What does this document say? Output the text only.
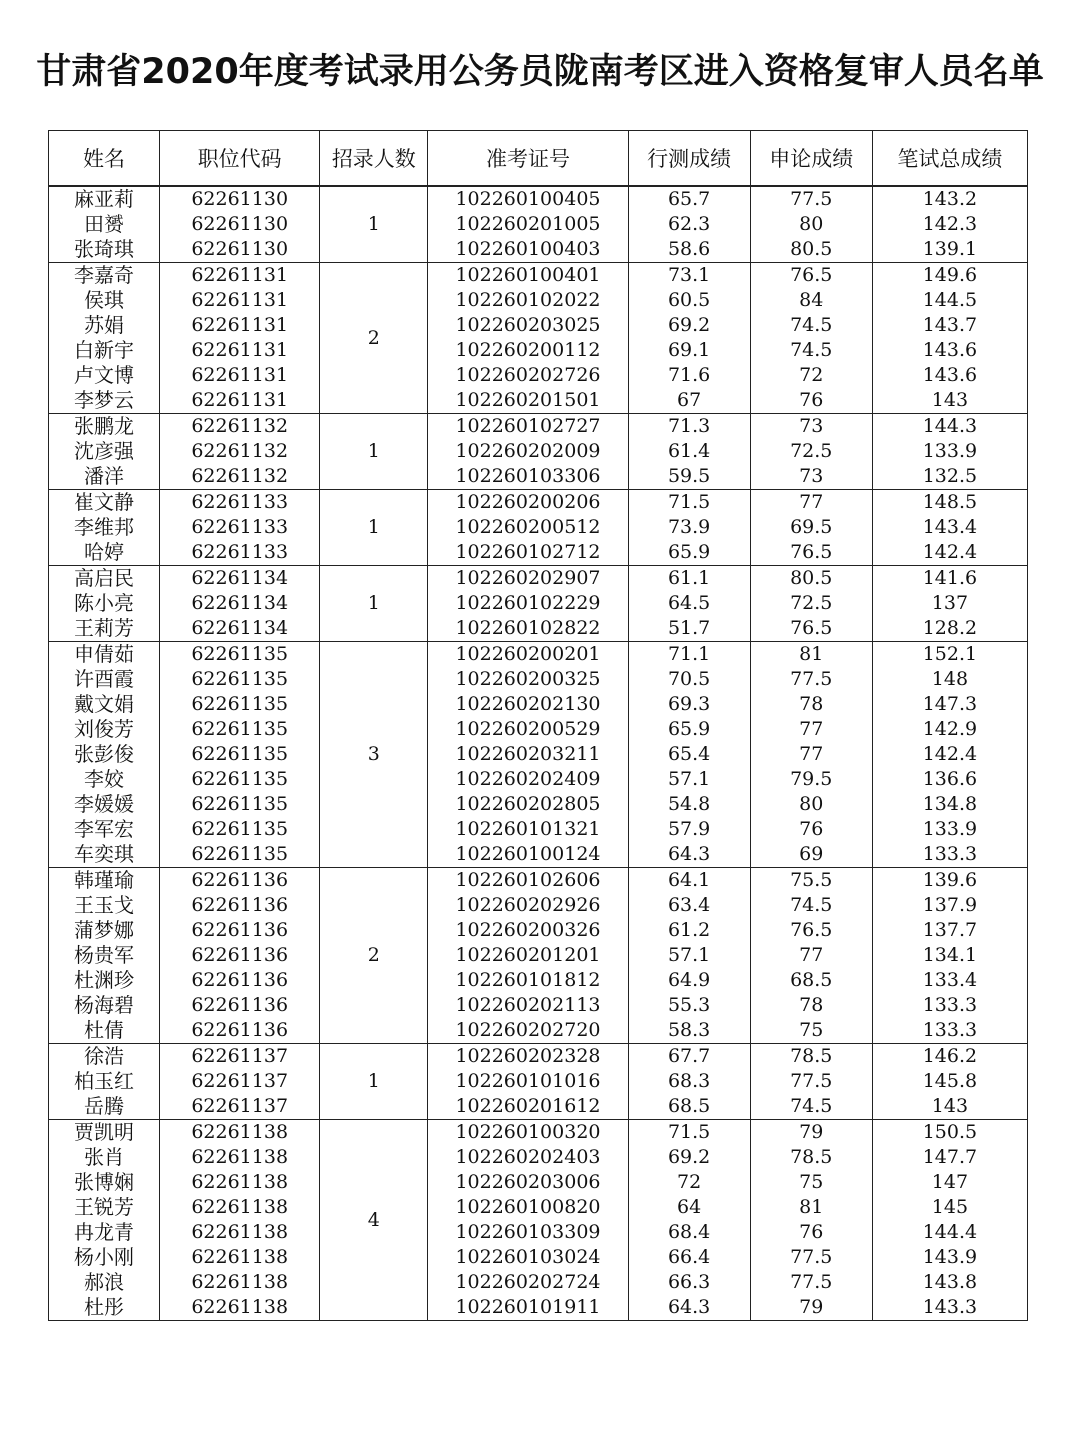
甘肃省2020年度考试录用公务员陇南考区进入资格复审人员名单
姓名	职位代码	招录人数	准考证号	行测成绩	申论成绩	笔试总成绩
麻亚莉	62261130	1	102260100405	65.7	77.5	143.2
田赟	62261130		102260201005	62.3	80	142.3
张琦琪	62261130		102260100403	58.6	80.5	139.1
李嘉奇	62261131	2	102260100401	73.1	76.5	149.6
侯琪	62261131		102260102022	60.5	84	144.5
苏娟	62261131		102260203025	69.2	74.5	143.7
白新宇	62261131		102260200112	69.1	74.5	143.6
卢文博	62261131		102260202726	71.6	72	143.6
李梦云	62261131		102260201501	67	76	143
张鹏龙	62261132	1	102260102727	71.3	73	144.3
沈彦强	62261132		102260202009	61.4	72.5	133.9
潘洋	62261132		102260103306	59.5	73	132.5
崔文静	62261133	1	102260200206	71.5	77	148.5
李维邦	62261133		102260200512	73.9	69.5	143.4
哈婷	62261133		102260102712	65.9	76.5	142.4
高启民	62261134	1	102260202907	61.1	80.5	141.6
陈小亮	62261134		102260102229	64.5	72.5	137
王莉芳	62261134		102260102822	51.7	76.5	128.2
申倩茹	62261135	3	102260200201	71.1	81	152.1
许酉霞	62261135		102260200325	70.5	77.5	148
戴文娟	62261135		102260202130	69.3	78	147.3
刘俊芳	62261135		102260200529	65.9	77	142.9
张彭俊	62261135		102260203211	65.4	77	142.4
李姣	62261135		102260202409	57.1	79.5	136.6
李媛媛	62261135		102260202805	54.8	80	134.8
李军宏	62261135		102260101321	57.9	76	133.9
车奕琪	62261135		102260100124	64.3	69	133.3
韩瑾瑜	62261136	2	102260102606	64.1	75.5	139.6
王玉戈	62261136		102260202926	63.4	74.5	137.9
蒲梦娜	62261136		102260200326	61.2	76.5	137.7
杨贵军	62261136		102260201201	57.1	77	134.1
杜渊珍	62261136		102260101812	64.9	68.5	133.4
杨海碧	62261136		102260202113	55.3	78	133.3
杜倩	62261136		102260202720	58.3	75	133.3
徐浩	62261137	1	102260202328	67.7	78.5	146.2
柏玉红	62261137		102260101016	68.3	77.5	145.8
岳腾	62261137		102260201612	68.5	74.5	143
贾凯明	62261138	4	102260100320	71.5	79	150.5
张肖	62261138		102260202403	69.2	78.5	147.7
张博娴	62261138		102260203006	72	75	147
王锐芳	62261138		102260100820	64	81	145
冉龙青	62261138		102260103309	68.4	76	144.4
杨小刚	62261138		102260103024	66.4	77.5	143.9
郝浪	62261138		102260202724	66.3	77.5	143.8
杜彤	62261138		102260101911	64.3	79	143.3
